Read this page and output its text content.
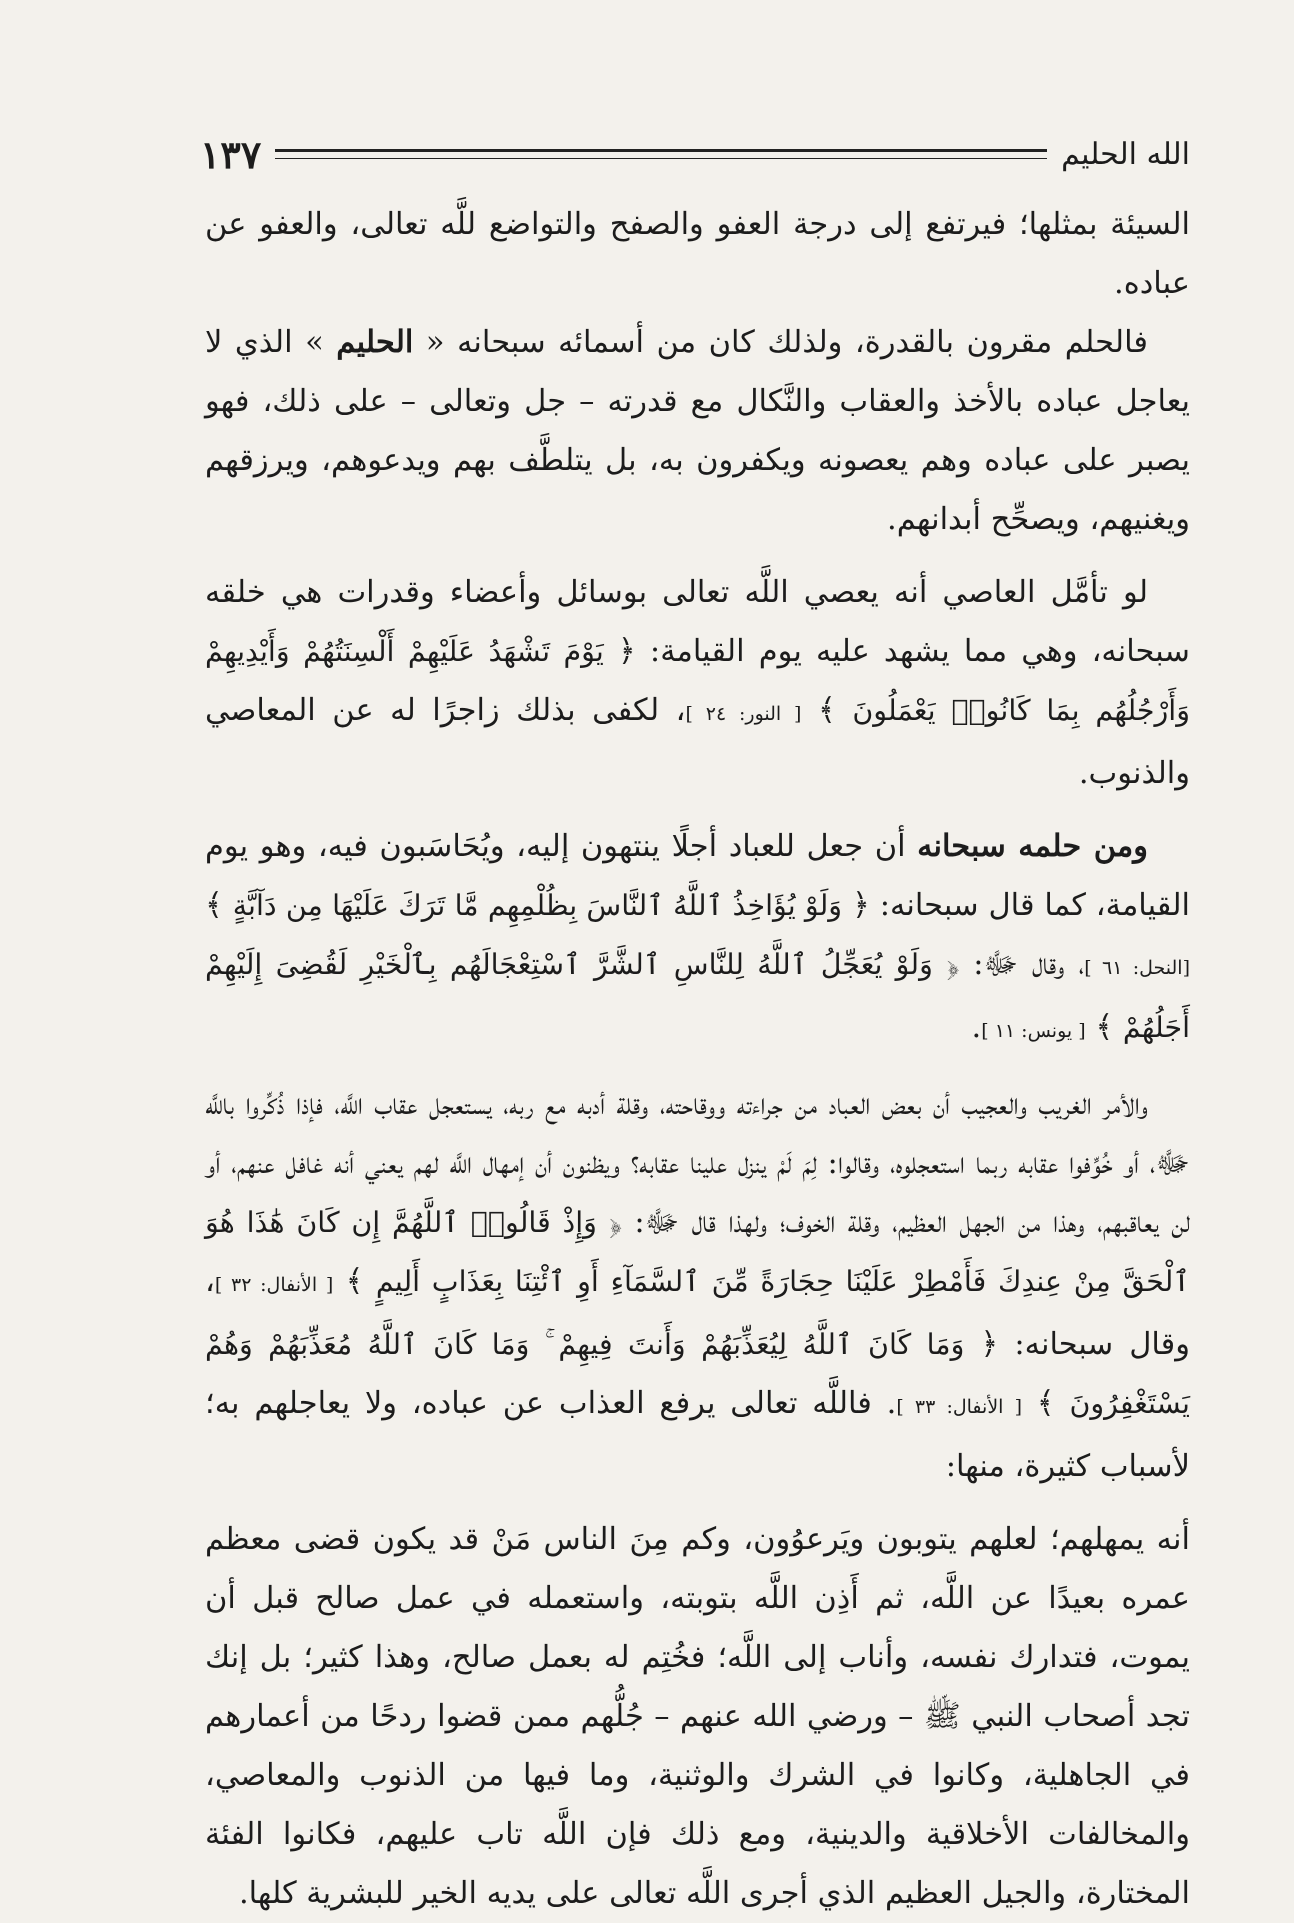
الله الحليم
١٣٧

السيئة بمثلها؛ فيرتفع إلى درجة العفو والصفح والتواضع للَّه تعالى، والعفو عن عباده.

فالحلم مقرون بالقدرة، ولذلك كان من أسمائه سبحانه « الحليم » الذي لا يعاجل عباده بالأخذ والعقاب والنَّكال مع قدرته – جل وتعالى – على ذلك، فهو يصبر على عباده وهم يعصونه ويكفرون به، بل يتلطَّف بهم ويدعوهم، ويرزقهم ويغنيهم، ويصحِّح أبدانهم.

لو تأمَّل العاصي أنه يعصي اللَّه تعالى بوسائل وأعضاء وقدرات هي خلقه سبحانه، وهي مما يشهد عليه يوم القيامة: ﴿ يَوْمَ تَشْهَدُ عَلَيْهِمْ أَلْسِنَتُهُمْ وَأَيْدِيهِمْ وَأَرْجُلُهُم بِمَا كَانُوا۟ يَعْمَلُونَ ﴾ [ النور: ٢٤ ]، لكفى بذلك زاجرًا له عن المعاصي والذنوب.

ومن حلمه سبحانه أن جعل للعباد أجلًا ينتهون إليه، ويُحَاسَبون فيه، وهو يوم القيامة، كما قال سبحانه: ﴿ وَلَوْ يُؤَاخِذُ ٱللَّهُ ٱلنَّاسَ بِظُلْمِهِم مَّا تَرَكَ عَلَيْهَا مِن دَآبَّةٍ ﴾ [النحل: ٦١ ]، وقال ﷻ: ﴿ وَلَوْ يُعَجِّلُ ٱللَّهُ لِلنَّاسِ ٱلشَّرَّ ٱسْتِعْجَالَهُم بِٱلْخَيْرِ لَقُضِىَ إِلَيْهِمْ أَجَلُهُمْ ﴾ [ يونس: ١١ ].

والأمر الغريب والعجيب أن بعض العباد من جراءته ووقاحته، وقلة أدبه مع ربه، يستعجل عقاب اللَّه، فإذا ذُكِّروا باللَّه ﷻ، أو خُوِّفوا عقابه ربما استعجلوه، وقالوا: لِمَ لَمْ ينزل علينا عقابه؟ ويظنون أن إمهال اللَّه لهم يعني أنه غافل عنهم، أو لن يعاقبهم، وهذا من الجهل العظيم، وقلة الخوف؛ ولهذا قال ﷻ: ﴿ وَإِذْ قَالُوا۟ ٱللَّهُمَّ إِن كَانَ هَٰذَا هُوَ ٱلْحَقَّ مِنْ عِندِكَ فَأَمْطِرْ عَلَيْنَا حِجَارَةً مِّنَ ٱلسَّمَآءِ أَوِ ٱئْتِنَا بِعَذَابٍ أَلِيمٍ ﴾ [ الأنفال: ٣٢ ]، وقال سبحانه: ﴿ وَمَا كَانَ ٱللَّهُ لِيُعَذِّبَهُمْ وَأَنتَ فِيهِمْ ۚ وَمَا كَانَ ٱللَّهُ مُعَذِّبَهُمْ وَهُمْ يَسْتَغْفِرُونَ ﴾ [ الأنفال: ٣٣ ]. فاللَّه تعالى يرفع العذاب عن عباده، ولا يعاجلهم به؛ لأسباب كثيرة، منها:

أنه يمهلهم؛ لعلهم يتوبون ويَرعوُون، وكم مِنَ الناس مَنْ قد يكون قضى معظم عمره بعيدًا عن اللَّه، ثم أَذِن اللَّه بتوبته، واستعمله في عمل صالح قبل أن يموت، فتدارك نفسه، وأناب إلى اللَّه؛ فخُتِم له بعمل صالح، وهذا كثير؛ بل إنك تجد أصحاب النبي ﷺ – ورضي الله عنهم – جُلُّهم ممن قضوا ردحًا من أعمارهم في الجاهلية، وكانوا في الشرك والوثنية، وما فيها من الذنوب والمعاصي، والمخالفات الأخلاقية والدينية، ومع ذلك فإن اللَّه تاب عليهم، فكانوا الفئة المختارة، والجيل العظيم الذي أجرى اللَّه تعالى على يديه الخير للبشرية كلها.
